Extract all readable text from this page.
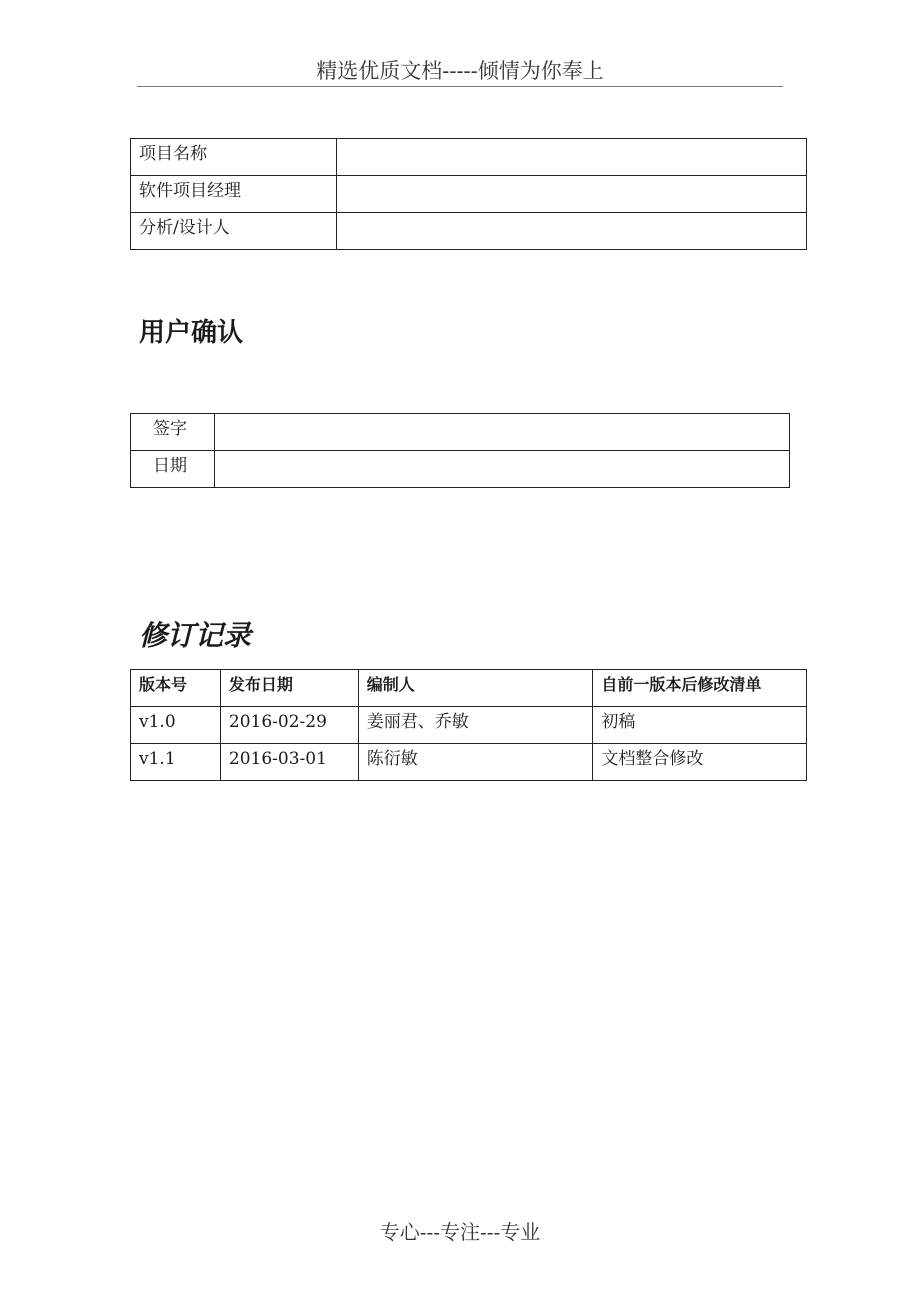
精选优质文档-----倾情为你奉上
项目名称	
软件项目经理	
分析/设计人	
用户确认
签字	
日期	
修订记录
版本号	发布日期	编制人	自前一版本后修改清单
v1.0	2016-02-29	姜丽君、乔敏	初稿
v1.1	2016-03-01	陈衍敏	文档整合修改
专心---专注---专业
